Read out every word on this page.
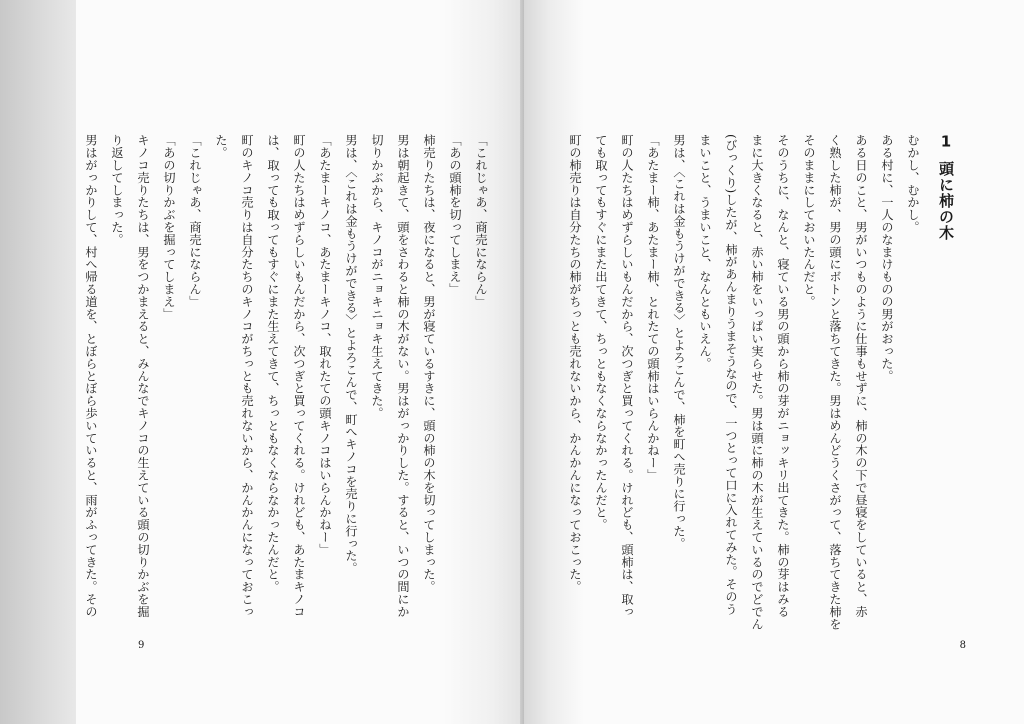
「これじゃあ、商売にならん」

「あの頭柿を切ってしまえ」

柿売りたちは、夜になると、男が寝ているすきに、頭の柿の木を切ってしまった。

男は朝起きて、頭をさわると柿の木がない。男はがっかりした。すると、いつの間にか

切りかぶから、キノコがニョキニョキ生えてきた。

男は、〈これは金もうけができる〉とよろこんで、町へキノコを売りに行った。

「あたまーキノコ、あたまーキノコ、取れたての頭キノコはいらんかねー」

町の人たちはめずらしいもんだから、次つぎと買ってくれる。けれども、あたまキノコ

は、取っても取ってもすぐにまた生えてきて、ちっともなくならなかったんだと。

町のキノコ売りは自分たちのキノコがちっとも売れないから、かんかんになっておこっ

た。

「これじゃあ、商売にならん」

「あの切りかぶを掘ってしまえ」

キノコ売りたちは、男をつかまえると、みんなでキノコの生えている頭の切りかぶを掘

り返してしまった。

男はがっかりして、村へ帰る道を、とぼらとぼら歩いていると、雨がふってきた。その

9
1
頭に柿の木

むかし、むかし。

ある村に、一人のなまけものの男がおった。

ある日のこと、男がいつものように仕事もせずに、柿の木の下で昼寝をしていると、赤

く熟した柿が、男の頭にボトンと落ちてきた。男はめんどうくさがって、落ちてきた柿を

そのままにしておいたんだと。

そのうちに、なんと、寝ている男の頭から柿の芽がニョッキリ出てきた。柿の芽はみる

まに大きくなると、赤い柿をいっぱい実らせた。男は頭に柿の木が生えているのでどでん

(びっくり)したが、柿があんまりうまそうなので、一つとって口に入れてみた。そのう

まいこと、うまいこと、なんともいえん。

男は、〈これは金もうけができる〉とよろこんで、柿を町へ売りに行った。

「あたまー柿、あたまー柿、とれたての頭柿はいらんかねー」

町の人たちはめずらしいもんだから、次つぎと買ってくれる。けれども、頭柿は、取っ

ても取ってもすぐにまた出てきて、ちっともなくならなかったんだと。

町の柿売りは自分たちの柿がちっとも売れないから、かんかんになっておこった。

8
